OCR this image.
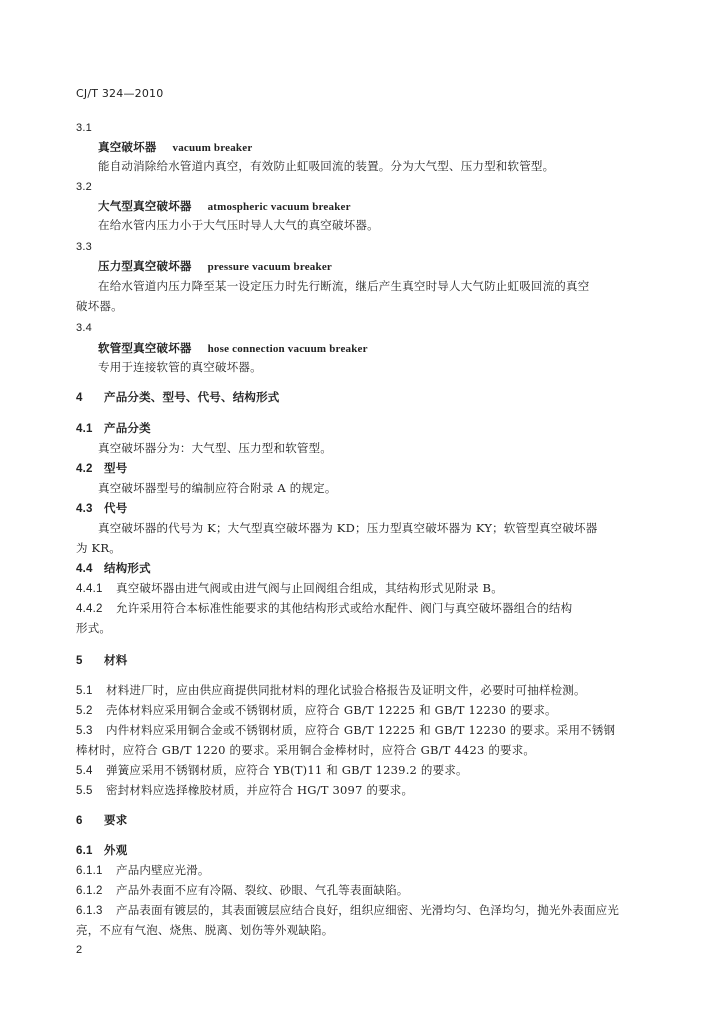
CJ/T 324—2010
3.1
真空破坏器 vacuum breaker
能自动消除给水管道内真空，有效防止虹吸回流的装置。分为大气型、压力型和软管型。
3.2
大气型真空破坏器 atmospheric vacuum breaker
在给水管内压力小于大气压时导人大气的真空破坏器。
3.3
压力型真空破坏器 pressure vacuum breaker
在给水管道内压力降至某一设定压力时先行断流，继后产生真空时导人大气防止虹吸回流的真空
破坏器。
3.4
软管型真空破坏器 hose connection vacuum breaker
专用于连接软管的真空破坏器。
4 产品分类、型号、代号、结构形式
4.1 产品分类
真空破坏器分为：大气型、压力型和软管型。
4.2 型号
真空破坏器型号的编制应符合附录 A 的规定。
4.3 代号
真空破坏器的代号为 K；大气型真空破坏器为 KD；压力型真空破坏器为 KY；软管型真空破坏器
为 KR。
4.4 结构形式
4.4.1 真空破坏器由进气阀或由进气阀与止回阀组合组成，其结构形式见附录 B。
4.4.2 允许采用符合本标准性能要求的其他结构形式或给水配件、阀门与真空破坏器组合的结构
形式。
5 材料
5.1 材料进厂时，应由供应商提供同批材料的理化试验合格报告及证明文件，必要时可抽样检测。
5.2 壳体材料应采用铜合金或不锈钢材质，应符合 GB/T 12225 和 GB/T 12230 的要求。
5.3 内件材料应采用铜合金或不锈钢材质，应符合 GB/T 12225 和 GB/T 12230 的要求。采用不锈钢
棒材时，应符合 GB/T 1220 的要求。采用铜合金棒材时，应符合 GB/T 4423 的要求。
5.4 弹簧应采用不锈钢材质，应符合 YB(T)11 和 GB/T 1239.2 的要求。
5.5 密封材料应选择橡胶材质，并应符合 HG/T 3097 的要求。
6 要求
6.1 外观
6.1.1 产品内壁应光滑。
6.1.2 产品外表面不应有冷隔、裂纹、砂眼、气孔等表面缺陷。
6.1.3 产品表面有镀层的，其表面镀层应结合良好，组织应细密、光滑均匀、色泽均匀，抛光外表面应光
亮，不应有气泡、烧焦、脱离、划伤等外观缺陷。
2
